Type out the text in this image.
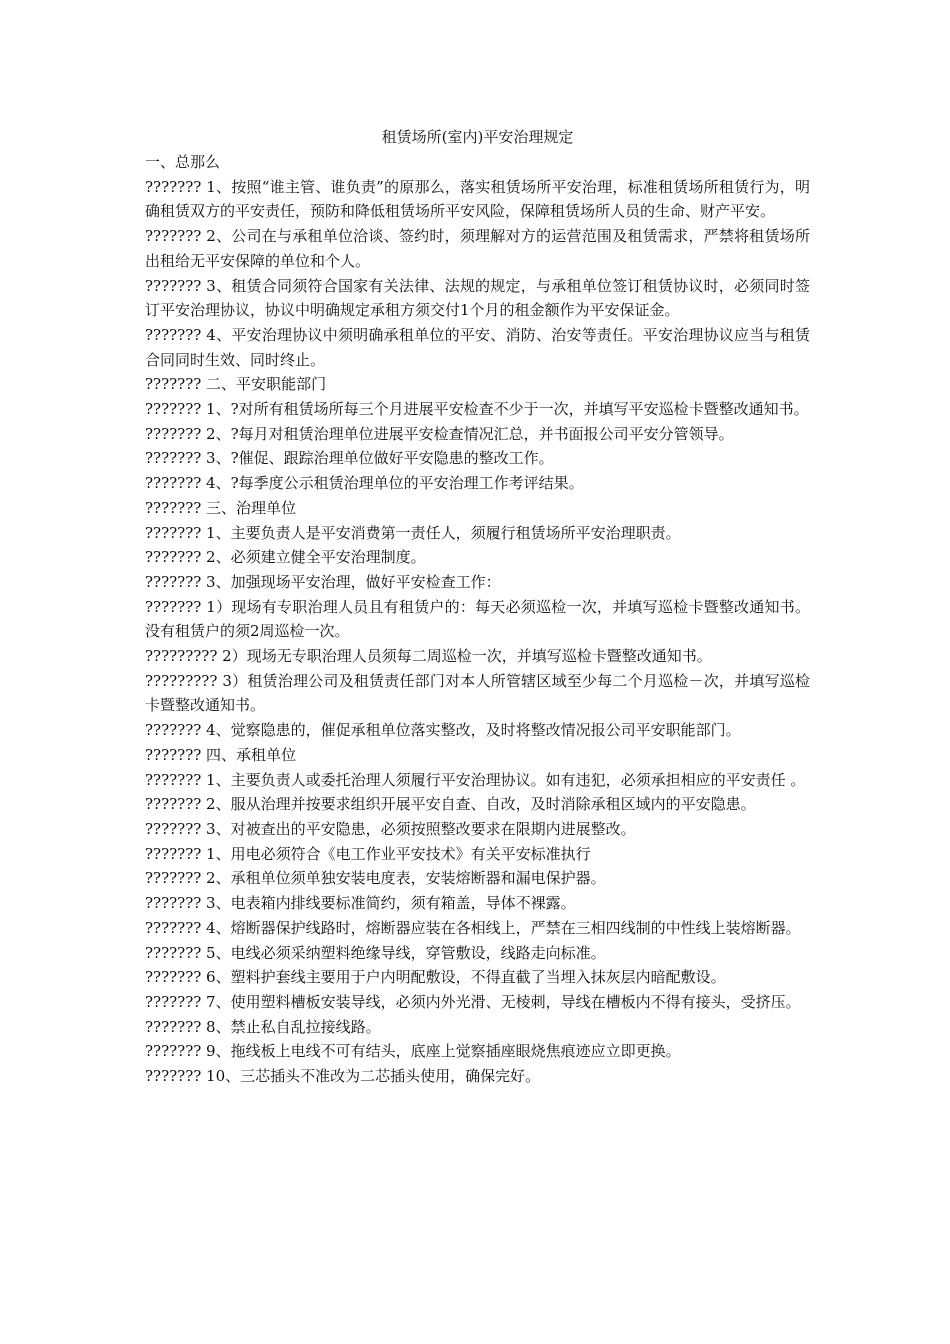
租赁场所(室内)平安治理规定

一、总那么

??????? 1、按照“谁主管、谁负责”的原那么，落实租赁场所平安治理，标准租赁场所租赁行为，明确租赁双方的平安责任，预防和降低租赁场所平安风险，保障租赁场所人员的生命、财产平安。

??????? 2、公司在与承租单位洽谈、签约时，须理解对方的运营范围及租赁需求，严禁将租赁场所出租给无平安保障的单位和个人。

??????? 3、租赁合同须符合国家有关法律、法规的规定，与承租单位签订租赁协议时，必须同时签订平安治理协议，协议中明确规定承租方须交付1个月的租金额作为平安保证金。

??????? 4、平安治理协议中须明确承租单位的平安、消防、治安等责任。平安治理协议应当与租赁合同同时生效、同时终止。

??????? 二、平安职能部门

??????? 1、?对所有租赁场所每三个月进展平安检查不少于一次，并填写平安巡检卡暨整改通知书。

??????? 2、?每月对租赁治理单位进展平安检查情况汇总，并书面报公司平安分管领导。

??????? 3、?催促、跟踪治理单位做好平安隐患的整改工作。

??????? 4、?每季度公示租赁治理单位的平安治理工作考评结果。

??????? 三、治理单位

??????? 1、主要负责人是平安消费第一责任人，须履行租赁场所平安治理职责。

??????? 2、必须建立健全平安治理制度。

??????? 3、加强现场平安治理，做好平安检查工作：

??????? 1）现场有专职治理人员且有租赁户的：每天必须巡检一次，并填写巡检卡暨整改通知书。没有租赁户的须2周巡检一次。

????????? 2）现场无专职治理人员须每二周巡检一次，并填写巡检卡暨整改通知书。

????????? 3）租赁治理公司及租赁责任部门对本人所管辖区域至少每二个月巡检－次，并填写巡检卡暨整改通知书。

??????? 4、觉察隐患的，催促承租单位落实整改，及时将整改情况报公司平安职能部门。

??????? 四、承租单位

??????? 1、主要负责人或委托治理人须履行平安治理协议。如有违犯，必须承担相应的平安责任 。

??????? 2、服从治理并按要求组织开展平安自查、自改，及时消除承租区域内的平安隐患。

??????? 3、对被查出的平安隐患，必须按照整改要求在限期内进展整改。

??????? 1、用电必须符合《电工作业平安技术》有关平安标准执行

??????? 2、承租单位须单独安装电度表，安装熔断器和漏电保护器。

??????? 3、电表箱内排线要标准简约，须有箱盖，导体不裸露。

??????? 4、熔断器保护线路时，熔断器应装在各相线上，严禁在三相四线制的中性线上装熔断器。

??????? 5、电线必须采纳塑料绝缘导线，穿管敷设，线路走向标准。

??????? 6、塑料护套线主要用于户内明配敷设，不得直截了当埋入抹灰层内暗配敷设。

??????? 7、使用塑料槽板安装导线，必须内外光滑、无棱刺，导线在槽板内不得有接头，受挤压。

??????? 8、禁止私自乱拉接线路。

??????? 9、拖线板上电线不可有结头，底座上觉察插座眼烧焦痕迹应立即更换。

??????? 10、三芯插头不准改为二芯插头使用，确保完好。
